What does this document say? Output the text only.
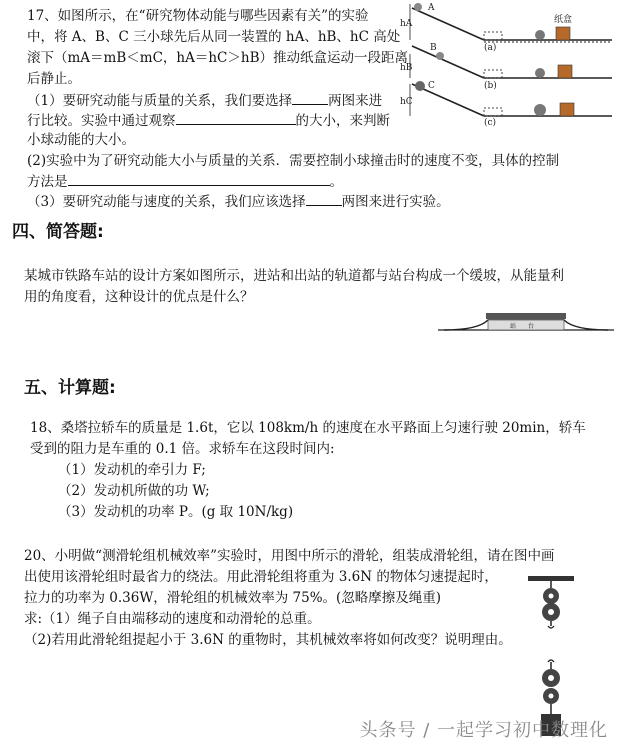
17、如图所示，在“研究物体动能与哪些因素有关”的实验
中，将 A、B、C 三小球先后从同一装置的 hA、hB、hC 高处
滚下（mA＝mB＜mC，hA＝hC＞hB）推动纸盒运动一段距离
后静止。
（1）要研究动能与质量的关系，我们要选择	两图来进
行比较。实验中通过观察	的大小，来判断
小球动能的大小。
(2)实验中为了研究动能大小与质量的关系．需要控制小球撞击时的速度不变，具体的控制
方法是	。
（3）要研究动能与速度的关系，我们应该选择	两图来进行实验。
A
hA	纸盒
(a)
B
hB
(b)
C
hC
(c)
四、简答题:
某城市铁路车站的设计方案如图所示，进站和出站的轨道都与站台构成一个缓坡，从能量利
用的角度看，这种设计的优点是什么？
站　　台
五、计算题:
18、桑塔拉轿车的质量是 1.6t，它以 108km/h 的速度在水平路面上匀速行驶 20min，轿车
受到的阻力是车重的 0.1 倍。求轿车在这段时间内:
（1）发动机的牵引力 F;
（2）发动机所做的功 W;
（3）发动机的功率 P。(g 取 10N/kg)
20、小明做“测滑轮组机械效率”实验时，用图中所示的滑轮，组装成滑轮组，请在图中画
出使用该滑轮组时最省力的绕法。用此滑轮组将重为 3.6N 的物体匀速提起时，
拉力的功率为 0.36W，滑轮组的机械效率为 75%。(忽略摩擦及绳重)
求:（1）绳子自由端移动的速度和动滑轮的总重。
（2)若用此滑轮组提起小于 3.6N 的重物时，其机械效率将如何改变？说明理由。
头条号 / 一起学习初中数理化
